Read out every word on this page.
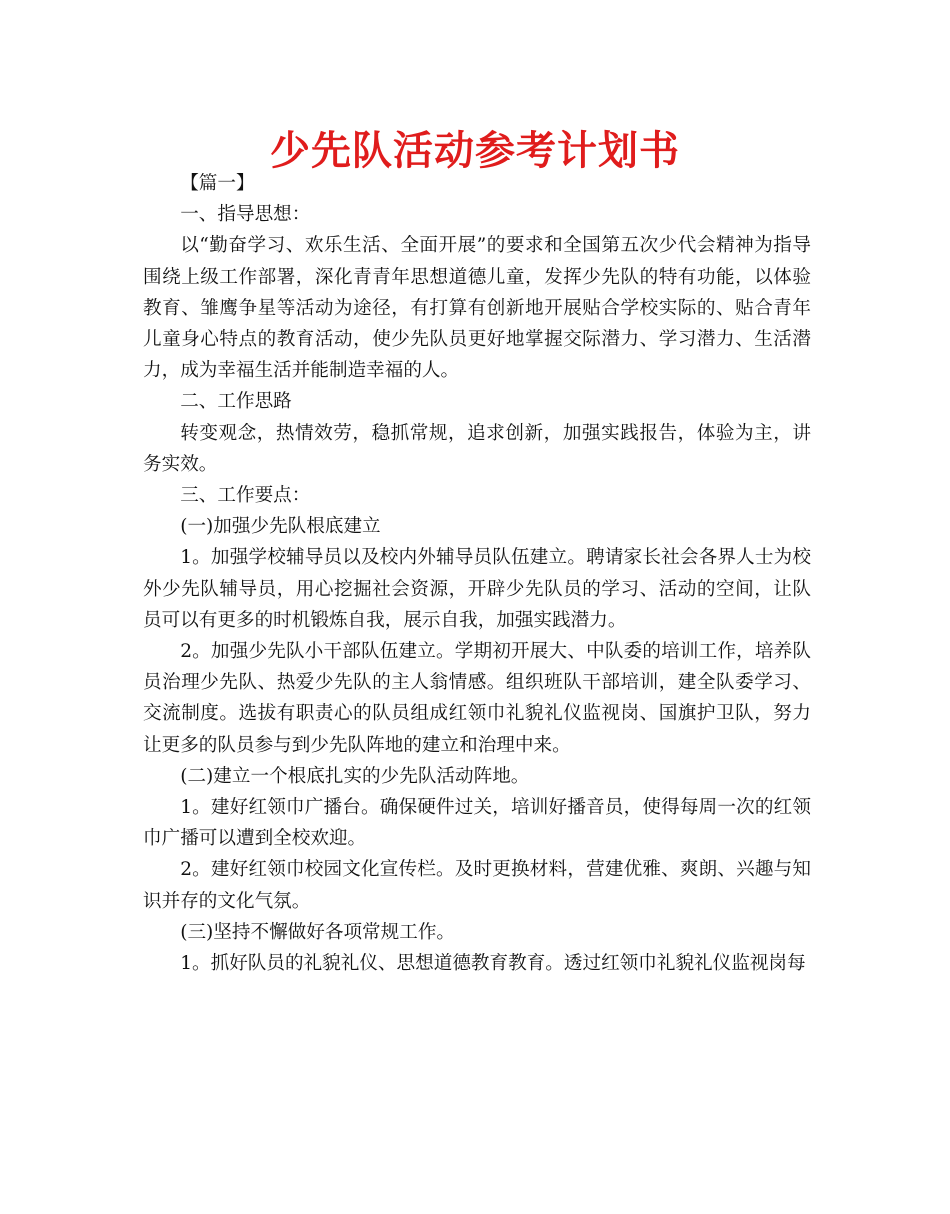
少先队活动参考计划书

【篇一】

一、指导思想：

以“勤奋学习、欢乐生活、全面开展”的要求和全国第五次少代会精神为指导围绕上级工作部署，深化青青年思想道德儿童，发挥少先队的特有功能，以体验教育、雏鹰争星等活动为途径，有打算有创新地开展贴合学校实际的、贴合青年儿童身心特点的教育活动，使少先队员更好地掌握交际潜力、学习潜力、生活潜力，成为幸福生活并能制造幸福的人。

二、工作思路

转变观念，热情效劳，稳抓常规，追求创新，加强实践报告，体验为主，讲务实效。

三、工作要点：

(一)加强少先队根底建立

1。加强学校辅导员以及校内外辅导员队伍建立。聘请家长社会各界人士为校外少先队辅导员，用心挖掘社会资源，开辟少先队员的学习、活动的空间，让队员可以有更多的时机锻炼自我，展示自我，加强实践潜力。

2。加强少先队小干部队伍建立。学期初开展大、中队委的培训工作，培养队员治理少先队、热爱少先队的主人翁情感。组织班队干部培训，建全队委学习、交流制度。选拔有职责心的队员组成红领巾礼貌礼仪监视岗、国旗护卫队，努力让更多的队员参与到少先队阵地的建立和治理中来。

(二)建立一个根底扎实的少先队活动阵地。

1。建好红领巾广播台。确保硬件过关，培训好播音员，使得每周一次的红领巾广播可以遭到全校欢迎。

2。建好红领巾校园文化宣传栏。及时更换材料，营建优雅、爽朗、兴趣与知识并存的文化气氛。

(三)坚持不懈做好各项常规工作。

1。抓好队员的礼貌礼仪、思想道德教育教育。透过红领巾礼貌礼仪监视岗每
